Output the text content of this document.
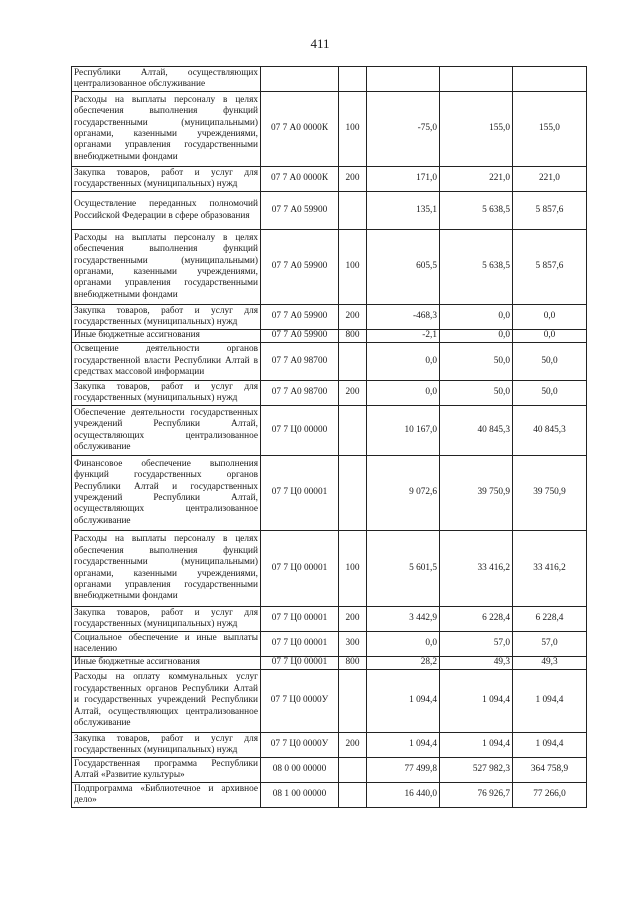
411
Республики Алтай, осуществляющих централизованное обслуживание					
Расходы на выплаты персоналу в целях обеспечения выполнения функций государственными (муниципальными) органами, казенными учреждениями, органами управления государственными внебюджетными фондами	07 7 А0 0000К	100	-75,0	155,0	155,0
Закупка товаров, работ и услуг для государственных (муниципальных) нужд	07 7 А0 0000К	200	171,0	221,0	221,0
Осуществление переданных полномочий Российской Федерации в сфере образования	07 7 А0 59900		135,1	5 638,5	5 857,6
Расходы на выплаты персоналу в целях обеспечения выполнения функций государственными (муниципальными) органами, казенными учреждениями, органами управления государственными внебюджетными фондами	07 7 А0 59900	100	605,5	5 638,5	5 857,6
Закупка товаров, работ и услуг для государственных (муниципальных) нужд	07 7 А0 59900	200	-468,3	0,0	0,0
Иные бюджетные ассигнования	07 7 А0 59900	800	-2,1	0,0	0,0
Освещение деятельности органов государственной власти Республики Алтай в средствах массовой информации	07 7 А0 98700		0,0	50,0	50,0
Закупка товаров, работ и услуг для государственных (муниципальных) нужд	07 7 А0 98700	200	0,0	50,0	50,0
Обеспечение деятельности государственных учреждений Республики Алтай, осуществляющих централизованное обслуживание	07 7 Ц0 00000		10 167,0	40 845,3	40 845,3
Финансовое обеспечение выполнения функций государственных органов Республики Алтай и государственных учреждений Республики Алтай, осуществляющих централизованное обслуживание	07 7 Ц0 00001		9 072,6	39 750,9	39 750,9
Расходы на выплаты персоналу в целях обеспечения выполнения функций государственными (муниципальными) органами, казенными учреждениями, органами управления государственными внебюджетными фондами	07 7 Ц0 00001	100	5 601,5	33 416,2	33 416,2
Закупка товаров, работ и услуг для государственных (муниципальных) нужд	07 7 Ц0 00001	200	3 442,9	6 228,4	6 228,4
Социальное обеспечение и иные выплаты населению	07 7 Ц0 00001	300	0,0	57,0	57,0
Иные бюджетные ассигнования	07 7 Ц0 00001	800	28,2	49,3	49,3
Расходы на оплату коммунальных услуг государственных органов Республики Алтай и государственных учреждений Республики Алтай, осуществляющих централизованное обслуживание	07 7 Ц0 0000У		1 094,4	1 094,4	1 094,4
Закупка товаров, работ и услуг для государственных (муниципальных) нужд	07 7 Ц0 0000У	200	1 094,4	1 094,4	1 094,4
Государственная программа Республики Алтай «Развитие культуры»	08 0 00 00000		77 499,8	527 982,3	364 758,9
Подпрограмма «Библиотечное и архивное дело»	08 1 00 00000		16 440,0	76 926,7	77 266,0
